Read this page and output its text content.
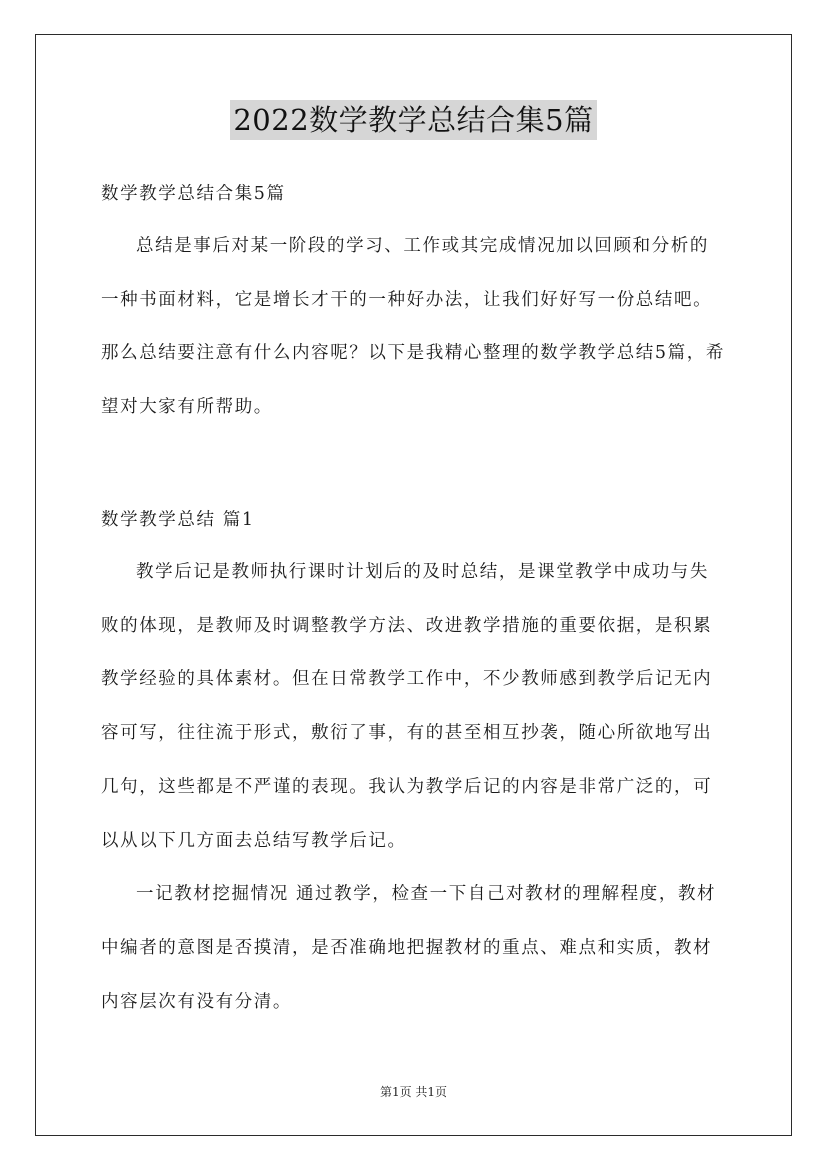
2022数学教学总结合集5篇

数学教学总结合集5篇

总结是事后对某一阶段的学习、工作或其完成情况加以回顾和分析的一种书面材料，它是增长才干的一种好办法，让我们好好写一份总结吧。那么总结要注意有什么内容呢？以下是我精心整理的数学教学总结5篇，希望对大家有所帮助。

数学教学总结 篇1

教学后记是教师执行课时计划后的及时总结，是课堂教学中成功与失败的体现，是教师及时调整教学方法、改进教学措施的重要依据，是积累教学经验的具体素材。但在日常教学工作中，不少教师感到教学后记无内容可写，往往流于形式，敷衍了事，有的甚至相互抄袭，随心所欲地写出几句，这些都是不严谨的表现。我认为教学后记的内容是非常广泛的，可以从以下几方面去总结写教学后记。

一记教材挖掘情况 通过教学，检查一下自己对教材的理解程度，教材中编者的意图是否摸清，是否准确地把握教材的重点、难点和实质，教材内容层次有没有分清。

第1页 共1页
